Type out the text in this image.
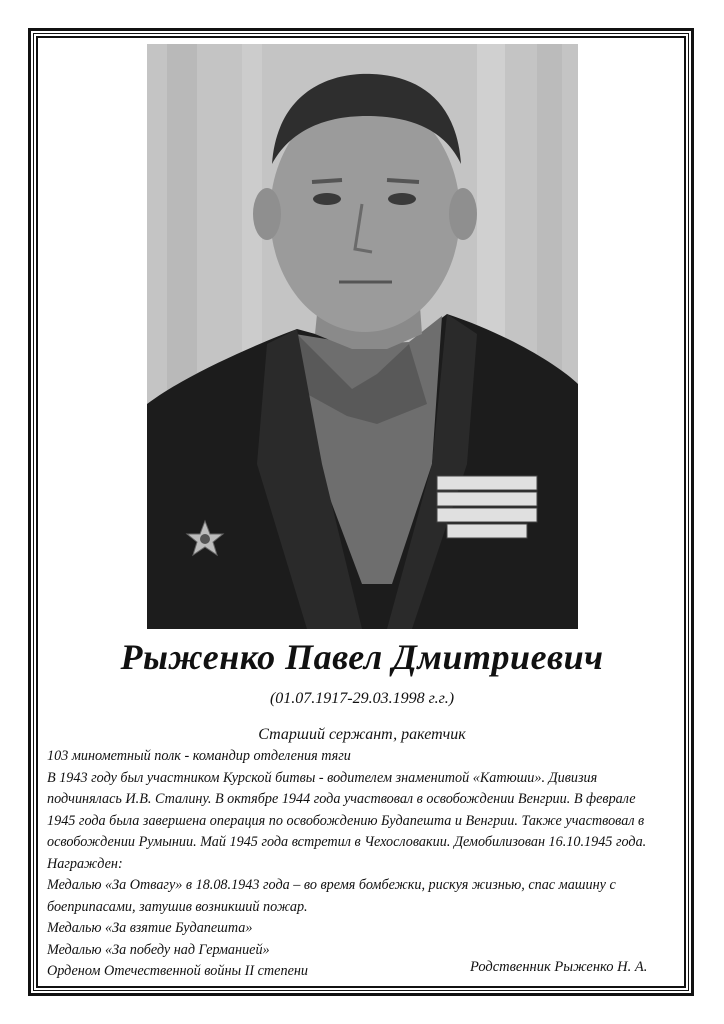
Рыженко Павел Дмитриевич
(01.07.1917-29.03.1998 г.г.)
Старший сержант, ракетчик
103 минометный полк - командир отделения тяги
В 1943 году был участником Курской битвы - водителем знаменитой «Катюши». Дивизия
подчинялась И.В. Сталину. В октябре 1944 года участвовал в освобождении Венгрии. В феврале
1945 года была завершена операция по освобождению Будапешта и Венгрии. Также участвовал в
освобождении Румынии. Май 1945 года встретил в Чехословакии. Демобилизован 16.10.1945 года.
Награжден:
Медалью «За Отвагу» в 18.08.1943 года – во время бомбежки, рискуя жизнью, спас машину с
боеприпасами, затушив возникший пожар.
Медалью «За взятие Будапешта»
Медалью «За победу над Германией»
Орденом Отечественной войны II степени	Родственник Рыженко Н. А.
